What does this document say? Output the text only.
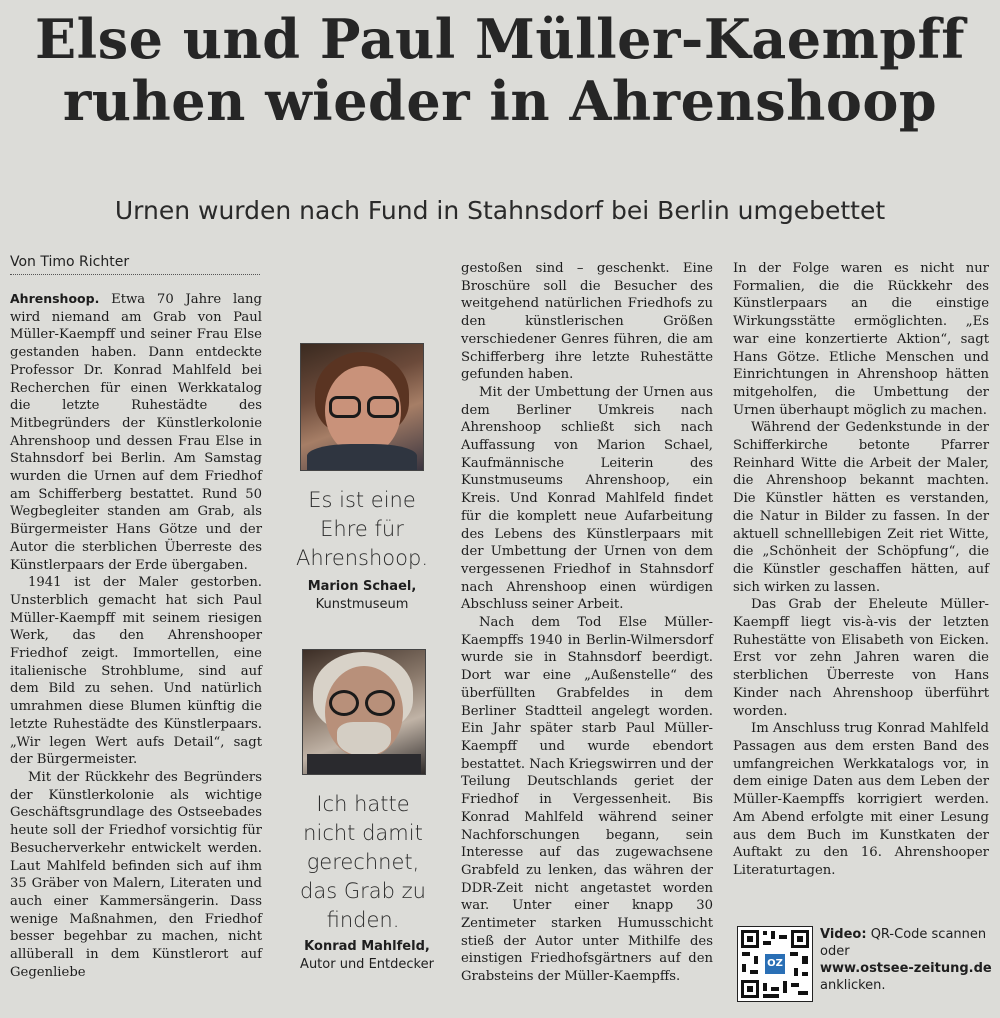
Else und Paul Müller-Kaempff
ruhen wieder in Ahrenshoop
Urnen wurden nach Fund in Stahnsdorf bei Berlin umgebettet
Von Timo Richter

Ahrenshoop. Etwa 70 Jahre lang wird niemand am Grab von Paul Müller-Kaempff und seiner Frau Else gestanden haben. Dann entdeckte Professor Dr. Konrad Mahlfeld bei Recherchen für einen Werkkatalog die letzte Ruhestädte des Mitbegründers der Künstlerkolonie Ahrenshoop und dessen Frau Else in Stahnsdorf bei Berlin. Am Samstag wurden die Urnen auf dem Friedhof am Schifferberg bestattet. Rund 50 Wegbegleiter standen am Grab, als Bürgermeister Hans Götze und der Autor die sterblichen Überreste des Künstlerpaars der Erde übergaben.

1941 ist der Maler gestorben. Unsterblich gemacht hat sich Paul Müller-Kaempff mit seinem riesigen Werk, das den Ahrenshooper Friedhof zeigt. Immortellen, eine italienische Strohblume, sind auf dem Bild zu sehen. Und natürlich umrahmen diese Blumen künftig die letzte Ruhestädte des Künstlerpaars. „Wir legen Wert aufs Detail“, sagt der Bürgermeister.

Mit der Rückkehr des Begründers der Künstlerkolonie als wichtige Geschäftsgrundlage des Ostseebades heute soll der Friedhof vorsichtig für Besucherverkehr entwickelt werden. Laut Mahlfeld befinden sich auf ihm 35 Gräber von Malern, Literaten und auch einer Kammersängerin. Dass wenige Maßnahmen, den Friedhof besser begehbar zu machen, nicht allüberall in dem Künstlerort auf Gegenliebe

Es ist eine Ehre für Ahrenshoop.
Marion Schael,
Kunstmuseum
Ich hatte nicht damit gerechnet, das Grab zu finden.
Konrad Mahlfeld,
Autor und Entdecker

gestoßen sind – geschenkt. Eine Broschüre soll die Besucher des weitgehend natürlichen Friedhofs zu den künstlerischen Größen verschiedener Genres führen, die am Schifferberg ihre letzte Ruhestätte gefunden haben.

Mit der Umbettung der Urnen aus dem Berliner Umkreis nach Ahrenshoop schließt sich nach Auffassung von Marion Schael, Kaufmännische Leiterin des Kunstmuseums Ahrenshoop, ein Kreis. Und Konrad Mahlfeld findet für die komplett neue Aufarbeitung des Lebens des Künstlerpaars mit der Umbettung der Urnen von dem vergessenen Friedhof in Stahnsdorf nach Ahrenshoop einen würdigen Abschluss seiner Arbeit.

Nach dem Tod Else Müller-Kaempffs 1940 in Berlin-Wilmersdorf wurde sie in Stahnsdorf beerdigt. Dort war eine „Außenstelle“ des überfüllten Grabfeldes in dem Berliner Stadtteil angelegt worden. Ein Jahr später starb Paul Müller-Kaempff und wurde ebendort bestattet. Nach Kriegswirren und der Teilung Deutschlands geriet der Friedhof in Vergessenheit. Bis Konrad Mahlfeld während seiner Nachforschungen begann, sein Interesse auf das zugewachsene Grabfeld zu lenken, das währen der DDR-Zeit nicht angetastet worden war. Unter einer knapp 30 Zentimeter starken Humusschicht stieß der Autor unter Mithilfe des einstigen Friedhofsgärtners auf den Grabsteins der Müller-Kaempffs.

In der Folge waren es nicht nur Formalien, die die Rückkehr des Künstlerpaars an die einstige Wirkungsstätte ermöglichten. „Es war eine konzertierte Aktion“, sagt Hans Götze. Etliche Menschen und Einrichtungen in Ahrenshoop hätten mitgeholfen, die Umbettung der Urnen überhaupt möglich zu machen.

Während der Gedenkstunde in der Schifferkirche betonte Pfarrer Reinhard Witte die Arbeit der Maler, die Ahrenshoop bekannt machten. Die Künstler hätten es verstanden, die Natur in Bilder zu fassen. In der aktuell schnelllebigen Zeit riet Witte, die „Schönheit der Schöpfung“, die die Künstler geschaffen hätten, auf sich wirken zu lassen.

Das Grab der Eheleute Müller-Kaempff liegt vis-à-vis der letzten Ruhestätte von Elisabeth von Eicken. Erst vor zehn Jahren waren die sterblichen Überreste von Hans Kinder nach Ahrenshoop überführt worden.

Im Anschluss trug Konrad Mahlfeld Passagen aus dem ersten Band des umfangreichen Werkkatalogs vor, in dem einige Daten aus dem Leben der Müller-Kaempffs korrigiert werden. Am Abend erfolgte mit einer Lesung aus dem Buch im Kunstkaten der Auftakt zu den 16. Ahrenshooper Literaturtagen.

OZ
Video: QR-Code scannen oder
www.ostsee-zeitung.de
anklicken.
